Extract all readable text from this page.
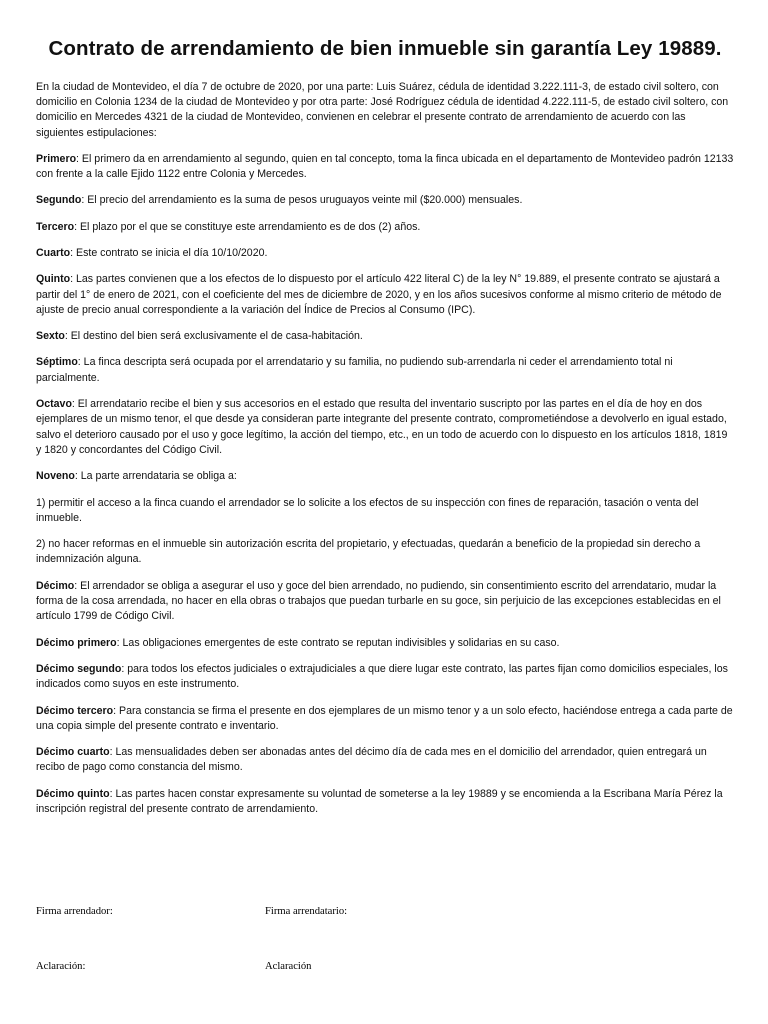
Contrato de arrendamiento de bien inmueble sin garantía Ley 19889.

En la ciudad de Montevideo, el día 7 de octubre de 2020, por una parte: Luis Suárez, cédula de identidad 3.222.111-3, de estado civil soltero, con domicilio en Colonia 1234 de la ciudad de Montevideo y por otra parte: José Rodríguez cédula de identidad 4.222.111-5, de estado civil soltero, con domicilio en Mercedes 4321 de la ciudad de Montevideo, convienen en celebrar el presente contrato de arrendamiento de acuerdo con las siguientes estipulaciones:

Primero: El primero da en arrendamiento al segundo, quien en tal concepto, toma la finca ubicada en el departamento de Montevideo padrón 12133 con frente a la calle Ejido 1122 entre Colonia y Mercedes.

Segundo: El precio del arrendamiento es la suma de pesos uruguayos veinte mil ($20.000) mensuales.

Tercero: El plazo por el que se constituye este arrendamiento es de dos (2) años.

Cuarto: Este contrato se inicia el día 10/10/2020.

Quinto: Las partes convienen que a los efectos de lo dispuesto por el artículo 422 literal C) de la ley N° 19.889, el presente contrato se ajustará a partir del 1° de enero de 2021, con el coeficiente del mes de diciembre de 2020, y en los años sucesivos conforme al mismo criterio de método de ajuste de precio anual correspondiente a la variación del Índice de Precios al Consumo (IPC).

Sexto: El destino del bien será exclusivamente el de casa-habitación.

Séptimo: La finca descripta será ocupada por el arrendatario y su familia, no pudiendo sub-arrendarla ni ceder el arrendamiento total ni parcialmente.

Octavo: El arrendatario recibe el bien y sus accesorios en el estado que resulta del inventario suscripto por las partes en el día de hoy en dos ejemplares de un mismo tenor, el que desde ya consideran parte integrante del presente contrato, comprometiéndose a devolverlo en igual estado, salvo el deterioro causado por el uso y goce legítimo, la acción del tiempo, etc., en un todo de acuerdo con lo dispuesto en los artículos 1818, 1819 y 1820 y concordantes del Código Civil.

Noveno: La parte arrendataria se obliga a:

1) permitir el acceso a la finca cuando el arrendador se lo solicite a los efectos de su inspección con fines de reparación, tasación o venta del inmueble.

2) no hacer reformas en el inmueble sin autorización escrita del propietario, y efectuadas, quedarán a beneficio de la propiedad sin derecho a indemnización alguna.

Décimo: El arrendador se obliga a asegurar el uso y goce del bien arrendado, no pudiendo, sin consentimiento escrito del arrendatario, mudar la forma de la cosa arrendada, no hacer en ella obras o trabajos que puedan turbarle en su goce, sin perjuicio de las excepciones establecidas en el artículo 1799 de Código Civil.

Décimo primero: Las obligaciones emergentes de este contrato se reputan indivisibles y solidarias en su caso.

Décimo segundo: para todos los efectos judiciales o extrajudiciales a que diere lugar este contrato, las partes fijan como domicilios especiales, los indicados como suyos en este instrumento.

Décimo tercero: Para constancia se firma el presente en dos ejemplares de un mismo tenor y a un solo efecto, haciéndose entrega a cada parte de una copia simple del presente contrato e inventario.

Décimo cuarto: Las mensualidades deben ser abonadas antes del décimo día de cada mes en el domicilio del arrendador, quien entregará un recibo de pago como constancia del mismo.

Décimo quinto: Las partes hacen constar expresamente su voluntad de someterse a la ley 19889 y se encomienda a la Escribana María Pérez la inscripción registral del presente contrato de arrendamiento.

Firma arrendador:	Firma arrendatario:
Aclaración:	Aclaración
